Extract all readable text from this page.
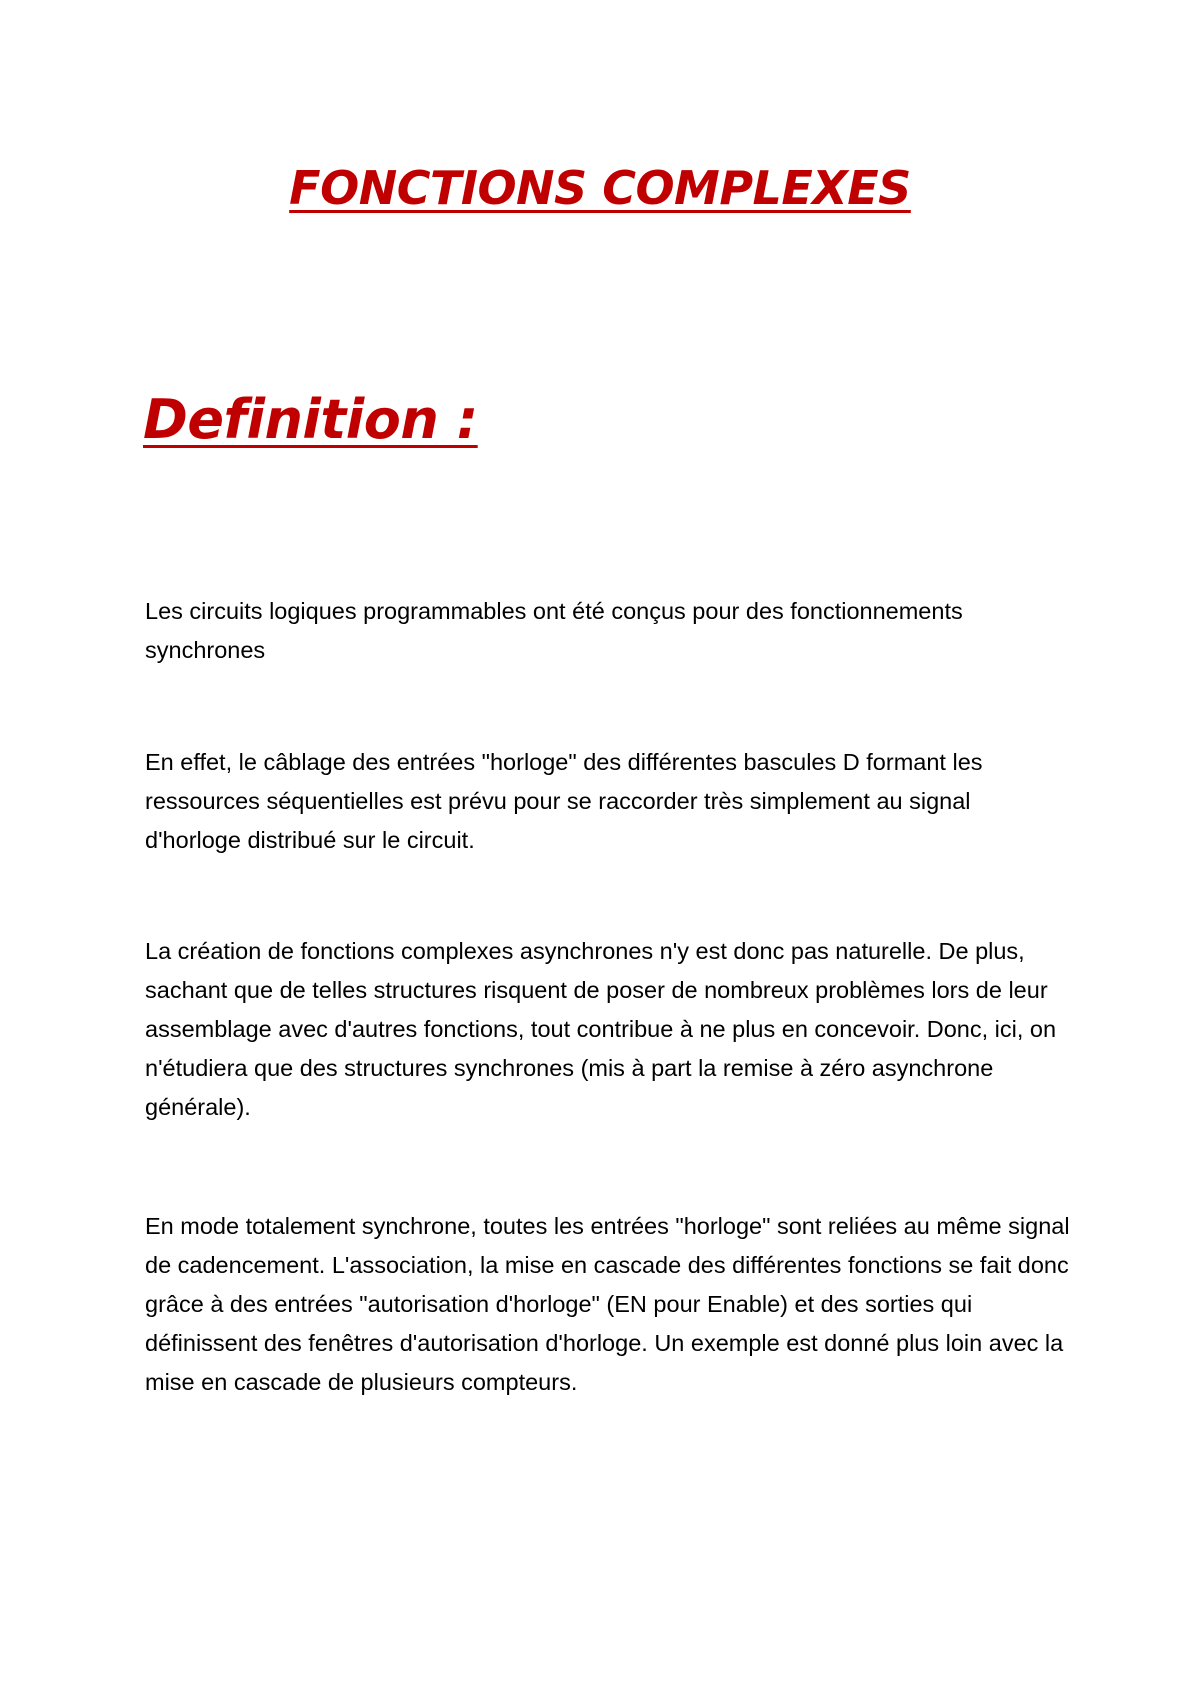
FONCTIONS COMPLEXES
Definition :

Les circuits logiques programmables ont été conçus pour des fonctionnements synchrones

En effet, le câblage des entrées "horloge" des différentes bascules D formant les ressources séquentielles est prévu pour se raccorder très simplement au signal d'horloge distribué sur le circuit.

La création de fonctions complexes asynchrones n'y est donc pas naturelle. De plus, sachant que de telles structures risquent de poser de nombreux problèmes lors de leur assemblage avec d'autres fonctions, tout contribue à ne plus en concevoir. Donc, ici, on n'étudiera que des structures synchrones (mis à part la remise à zéro asynchrone générale).

En mode totalement synchrone, toutes les entrées "horloge" sont reliées au même signal de cadencement. L'association, la mise en cascade des différentes fonctions se fait donc grâce à des entrées "autorisation d'horloge" (EN pour Enable) et des sorties qui définissent des fenêtres d'autorisation d'horloge. Un exemple est donné plus loin avec la mise en cascade de plusieurs compteurs.
